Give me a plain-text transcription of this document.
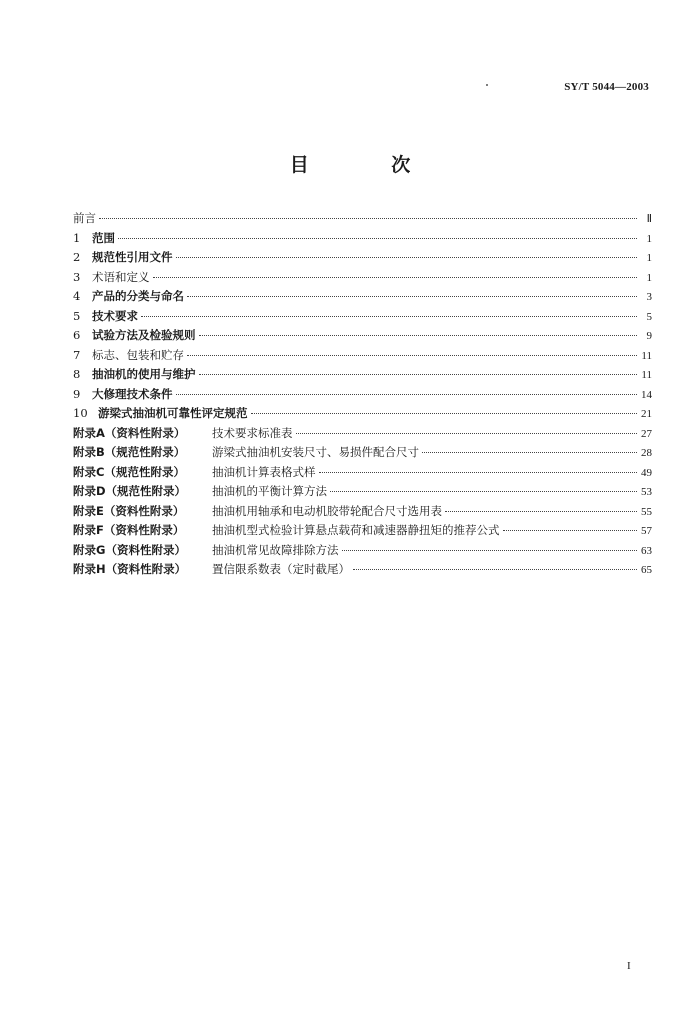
SY/T 5044—2003
目 次
前言	Ⅱ
1	范围	1
2	规范性引用文件	1
3	术语和定义	1
4	产品的分类与命名	3
5	技术要求	5
6	试验方法及检验规则	9
7	标志、包装和贮存	11
8	抽油机的使用与维护	11
9	大修理技术条件	14
10 游梁式抽油机可靠性评定规范	21
附录A（资料性附录）	技术要求标准表	27
附录B（规范性附录）	游梁式抽油机安装尺寸、易损件配合尺寸	28
附录C（规范性附录）	抽油机计算表格式样	49
附录D（规范性附录）	抽油机的平衡计算方法	53
附录E（资料性附录）	抽油机用轴承和电动机胶带轮配合尺寸选用表	55
附录F（资料性附录）	抽油机型式检验计算悬点载荷和减速器静扭矩的推荐公式	57
附录G（资料性附录）	抽油机常见故障排除方法	63
附录H（资料性附录）	置信限系数表（定时截尾）	65
I
